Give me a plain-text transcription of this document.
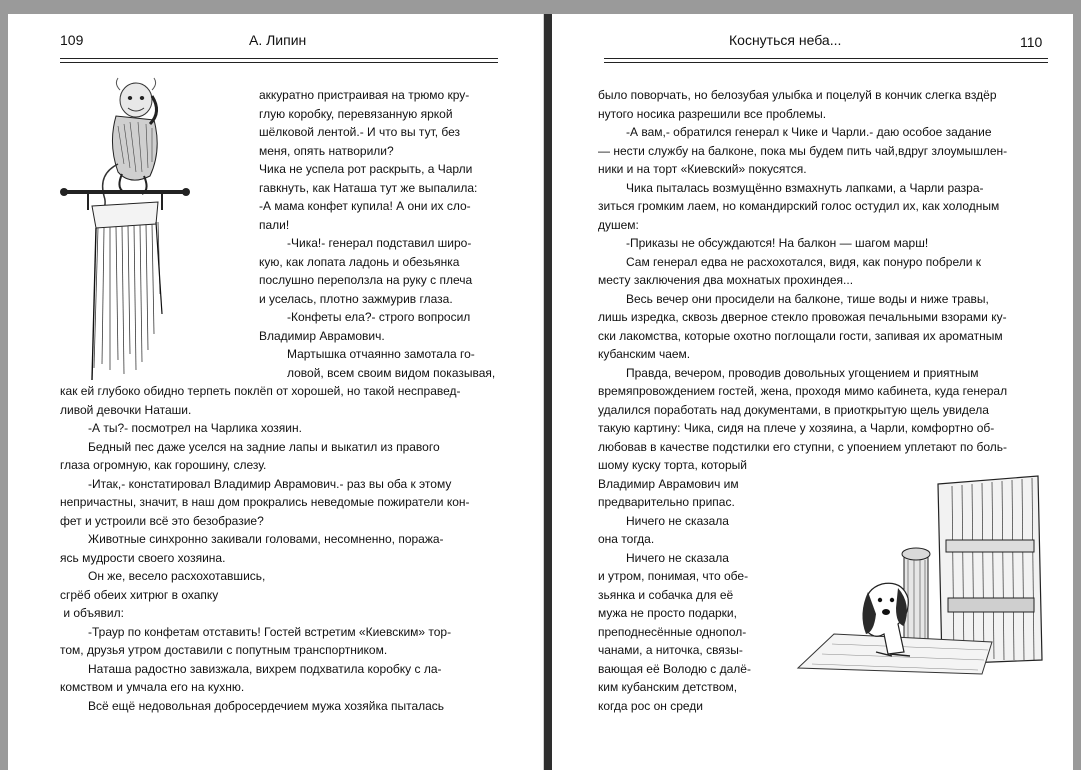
109	А. Липин

аккуратно пристраивая на трюмо кру-

глую коробку, перевязанную яркой

шёлковой лентой.- И что вы тут, без

меня, опять натворили?

Чика не успела рот раскрыть, а Чарли

гавкнуть, как Наташа тут же выпалила:

-А мама конфет купила! А они их сло-

пали!

-Чика!- генерал подставил широ-

кую, как лопата ладонь и обезьянка

послушно переползла на руку с плеча

и уселась, плотно зажмурив глаза.

-Конфеты ела?- строго вопросил

Владимир Аврамович.

Мартышка отчаянно замотала го-

ловой, всем своим видом показывая,

как ей глубоко обидно терпеть поклёп от хорошей, но такой несправед-

ливой девочки Наташи.

-А ты?- посмотрел на Чарлика хозяин.

Бедный пес даже уселся на задние лапы и выкатил из правого

глаза огромную, как горошину, слезу.

-Итак,- констатировал Владимир Аврамович.- раз вы оба к этому

непричастны, значит, в наш дом прокрались неведомые пожиратели кон-

фет и устроили всё это безобразие?

Животные синхронно закивали головами, несомненно, поража-

ясь мудрости своего хозяина.

Он же, весело расхохотавшись,

сгрёб обеих хитрюг в охапку

и объявил:

-Траур по конфетам отставить! Гостей встретим «Киевским» тор-

том, друзья утром доставили с попутным транспортником.

Наташа радостно завизжала, вихрем подхватила коробку с ла-

комством и умчала его на кухню.

Всё ещё недовольная добросердечием мужа хозяйка пыталась

Коснуться неба...	110

было поворчать, но белозубая улыбка и поцелуй в кончик слегка вздёр

нутого носика разрешили все проблемы.

-А вам,- обратился генерал к Чике и Чарли.- даю особое задание

— нести службу на балконе, пока мы будем пить чай,вдруг злоумышлен-

ники и на торт «Киевский» покусятся.

Чика пыталась возмущённо взмахнуть лапками, а Чарли разра-

зиться громким лаем, но командирский голос остудил их, как холодным

душем:

-Приказы не обсуждаются! На балкон — шагом марш!

Сам генерал едва не расхохотался, видя, как понуро побрели к

месту заключения два мохнатых прохиндея...

Весь вечер они просидели на балконе, тише воды и ниже травы,

лишь изредка, сквозь дверное стекло провожая печальными взорами ку-

ски лакомства, которые охотно поглощали гости, запивая их ароматным

кубанским чаем.

Правда, вечером, проводив довольных угощением и приятным

времяпровождением гостей, жена, проходя мимо кабинета, куда генерал

удалился поработать над документами, в приоткрытую щель увидела

такую картину: Чика, сидя на плече у хозяина, а Чарли, комфортно об-

любовав в качестве подстилки его ступни, с упоением уплетают по боль-

шому куску торта, который

Владимир Аврамович им

предварительно припас.

Ничего не сказала

она тогда.

Ничего не сказала

и утром, понимая, что обе-

зьянка и собачка для её

мужа не просто подарки,

преподнесённые однопол-

чанами, а ниточка, связы-

вающая её Володю с далё-

ким кубанским детством,

когда рос он среди
